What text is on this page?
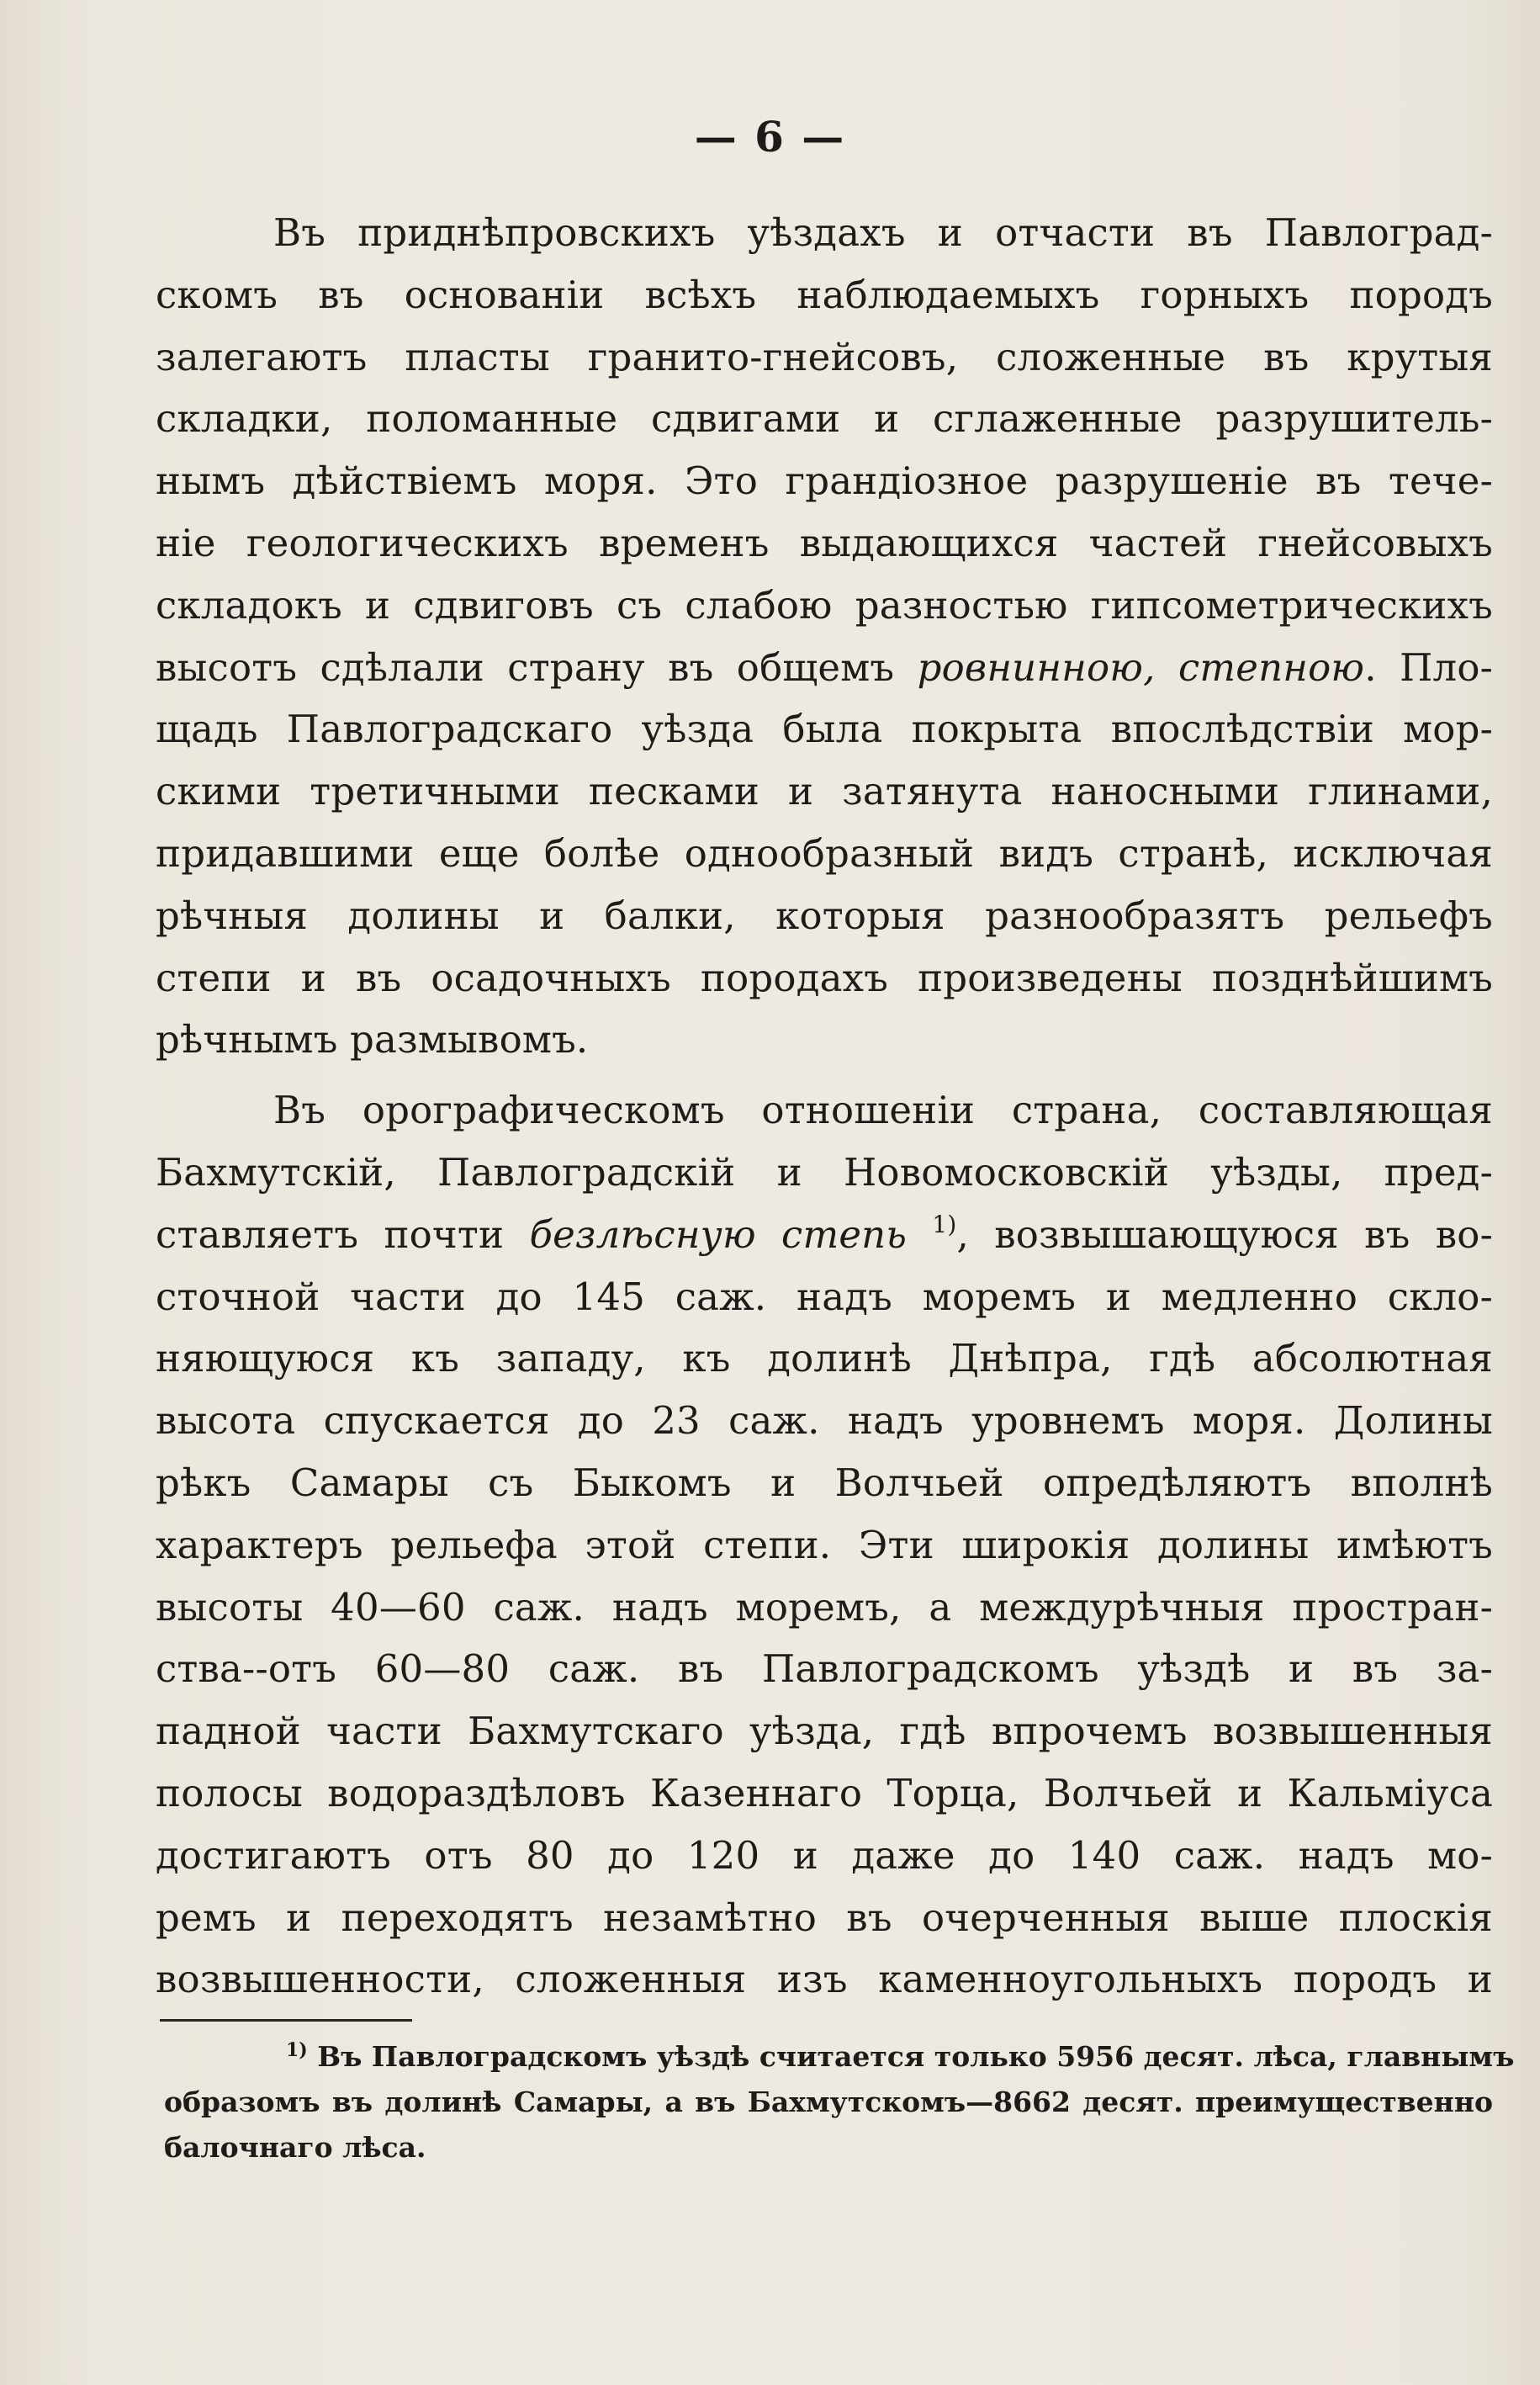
— 6 —
Въ приднѣпровскихъ уѣздахъ и отчасти въ Павлоград-
скомъ въ основаніи всѣхъ наблюдаемыхъ горныхъ породъ
залегаютъ пласты гранито-гнейсовъ, сложенные въ крутыя
складки, поломанные сдвигами и сглаженные разрушитель-
нымъ дѣйствіемъ моря. Это грандіозное разрушеніе въ тече-
ніе геологическихъ временъ выдающихся частей гнейсовыхъ
складокъ и сдвиговъ съ слабою разностью гипсометрическихъ
высотъ сдѣлали страну въ общемъ ровнинною, степною. Пло-
щадь Павлоградскаго уѣзда была покрыта впослѣдствіи мор-
скими третичными песками и затянута наносными глинами,
придавшими еще болѣе однообразный видъ странѣ, исключая
рѣчныя долины и балки, которыя разнообразятъ рельефъ
степи и въ осадочныхъ породахъ произведены позднѣйшимъ
рѣчнымъ размывомъ.
Въ орографическомъ отношеніи страна, составляющая
Бахмутскій, Павлоградскій и Новомосковскій уѣзды, пред-
ставляетъ почти безлѣсную степь $^{1)}$, возвышающуюся въ во-
сточной части до 145 саж. надъ моремъ и медленно скло-
няющуюся къ западу, къ долинѣ Днѣпра, гдѣ абсолютная
высота спускается до 23 саж. надъ уровнемъ моря. Долины
рѣкъ Самары съ Быкомъ и Волчьей опредѣляютъ вполнѣ
характеръ рельефа этой степи. Эти широкія долины имѣютъ
высоты 40—60 саж. надъ моремъ, а междурѣчныя простран-
ства--отъ 60—80 саж. въ Павлоградскомъ уѣздѣ и въ за-
падной части Бахмутскаго уѣзда, гдѣ впрочемъ возвышенныя
полосы водораздѣловъ Казеннаго Торца, Волчьей и Кальміуса
достигаютъ отъ 80 до 120 и даже до 140 саж. надъ мо-
ремъ и переходятъ незамѣтно въ очерченныя выше плоскія
возвышенности, сложенныя изъ каменноугольныхъ породъ и
$^{1)}$ Въ Павлоградскомъ уѣздѣ считается только 5956 десят. лѣса, главнымъ
образомъ въ долинѣ Самары, а въ Бахмутскомъ—8662 десят. преимущественно
балочнаго лѣса.
